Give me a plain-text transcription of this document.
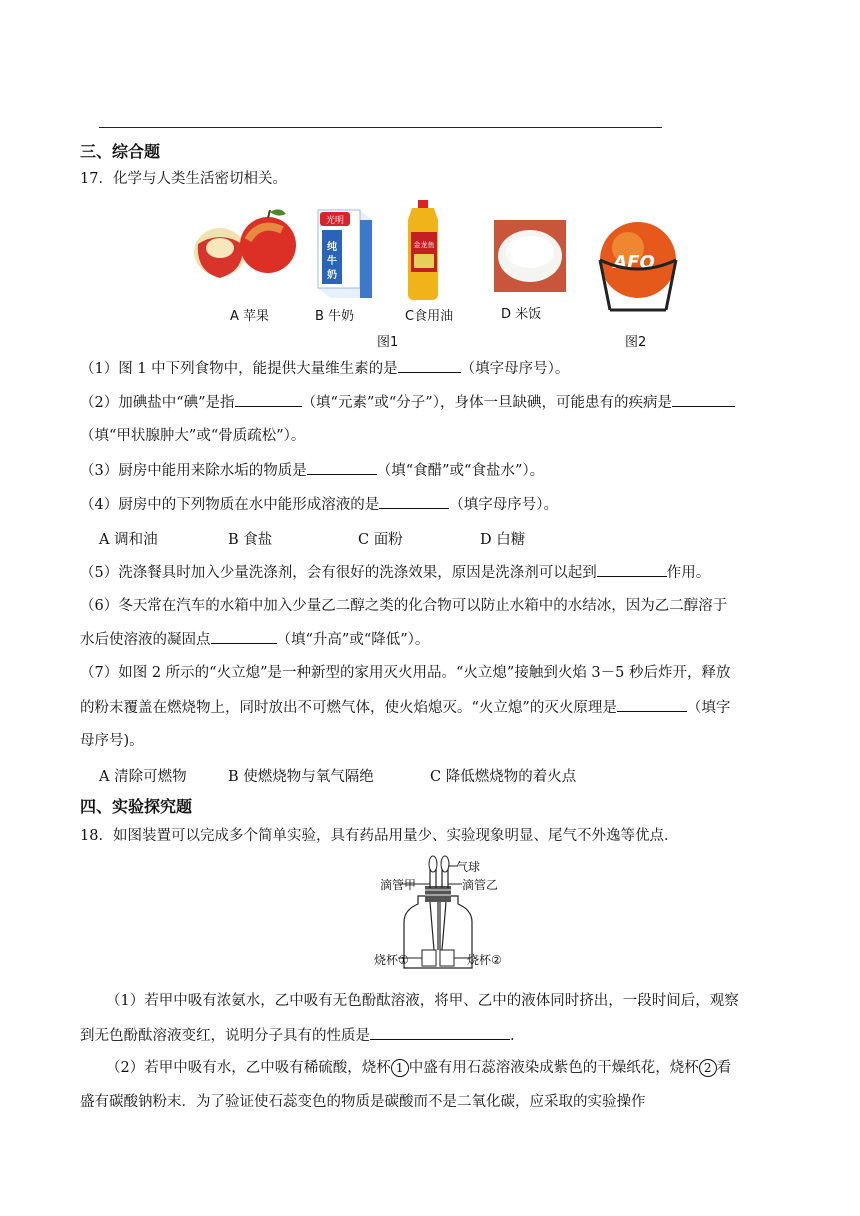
三、综合题
17．化学与人类生活密切相关。
光明
纯
牛
奶
金龙鱼
AFO
A 苹果	B 牛奶	C食用油	D 米饭
图1	图2
（1）图 1 中下列食物中，能提供大量维生素的是	（填字母序号）。
（2）加碘盐中“碘”是指	（填“元素”或“分子”），身体一旦缺碘，可能患有的疾病是
（填“甲状腺肿大”或“骨质疏松”）。
（3）厨房中能用来除水垢的物质是	（填“食醋”或“食盐水”）。
（4）厨房中的下列物质在水中能形成溶液的是	（填字母序号）。
A 调和油	B 食盐	C 面粉	D 白糖
（5）洗涤餐具时加入少量洗涤剂，会有很好的洗涤效果，原因是洗涤剂可以起到	作用。
（6）冬天常在汽车的水箱中加入少量乙二醇之类的化合物可以防止水箱中的水结冰，因为乙二醇溶于
水后使溶液的凝固点	（填“升高”或“降低”）。
（7）如图 2 所示的“火立熄”是一种新型的家用灭火用品。“火立熄”接触到火焰 3－5 秒后炸开，释放
的粉末覆盖在燃烧物上，同时放出不可燃气体，使火焰熄灭。“火立熄”的灭火原理是	（填字
母序号)。
A 清除可燃物	B 使燃烧物与氧气隔绝	C 降低燃烧物的着火点
四、实验探究题
18．如图装置可以完成多个简单实验，具有药品用量少、实验现象明显、尾气不外逸等优点．
气球
滴管甲	滴管乙
烧杯①	烧杯②
（1）若甲中吸有浓氨水，乙中吸有无色酚酞溶液，将甲、乙中的液体同时挤出，一段时间后，观察
到无色酚酞溶液变红，说明分子具有的性质是	.
（2）若甲中吸有水，乙中吸有稀硫酸，烧杯 1 中盛有用石蕊溶液染成紫色的干燥纸花，烧杯 2 看
盛有碳酸钠粉末．为了验证使石蕊变色的物质是碳酸而不是二氧化碳，应采取的实验操作
